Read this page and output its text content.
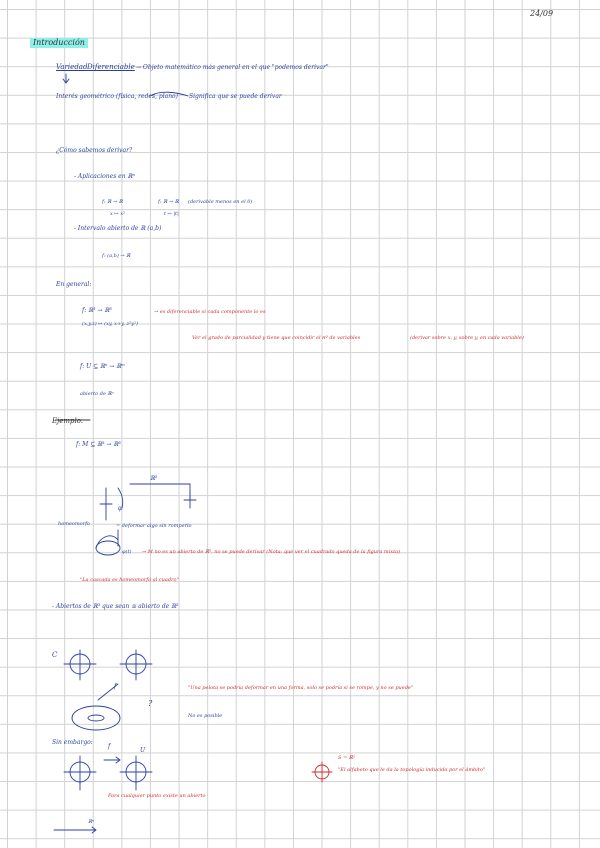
24/09
Introducción
Variedad Diferenciable → Objeto matemático más general en el que "podemos derivar"
Interés geométrico (física, redes, plano) Significa que se puede derivar
¿Cómo sabemos derivar?
- Aplicaciones en ℝⁿ
f: ℝ → ℝ
x ↦ x²
f: ℝ → ℝ (derivable menos en el 0)
t ↦ |t|
- Intervalo abierto de ℝ (a,b)
f: (a,b) → ℝ
En general:
f: ℝ³ → ℝ³
(x,y,z) ↦ (xy, x+y, z²y²)
→ es diferenciable si cada componente lo es
Ver el grado de parcialidad y tiene que coincidir el nº de variables	(derivar sobre x, y, sobre y, en cada variable)
f: U ⊆ ℝⁿ → ℝᵐ
abierto de ℝⁿ
Ejemplo:
f: M ⊆ ℝ³ → ℝ³
ℝ²
φ
homeomorfo	= deformar algo sin romperlo
φ(t) → M no es un abierto de ℝ³, no se puede derivar (Nota: que ver el cuadrado queda de la figura mixta)
"La cascada es homeomorfa al cuadro"
- Abiertos de ℝ³ que sean ≅ abierto de ℝ²
C
f
?
"Una pelota se podría deformar en una forma, solo se podría si se rompe, y no se puede"
No es posible
Sin embargo:
f
U
S = ℝ²
"El alfabeto que le da la topología inducida por el ámbito"
Para cualquier punto existe un abierto
ℝⁿ
